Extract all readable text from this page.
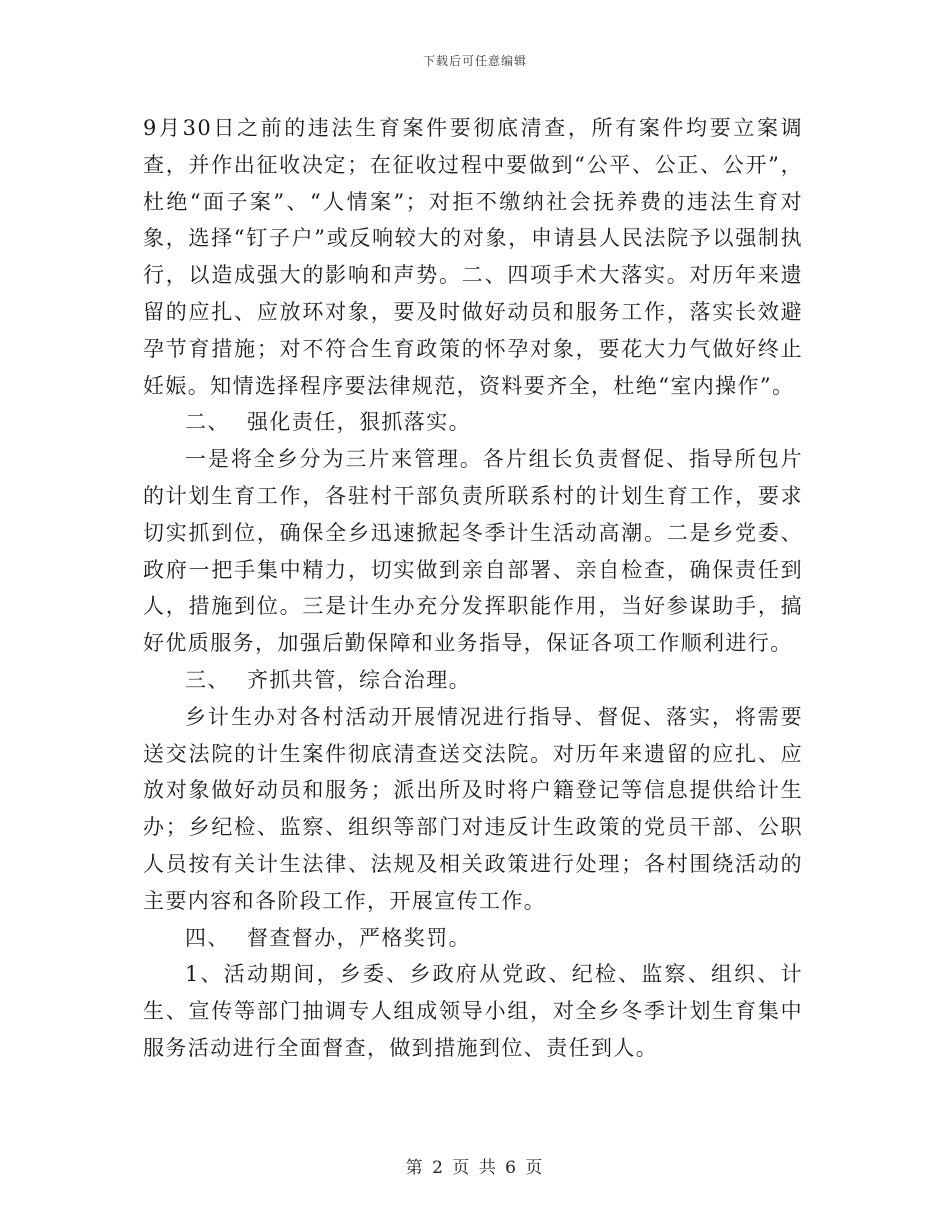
下载后可任意编辑

9月30日之前的违法生育案件要彻底清查，所有案件均要立案调查，并作出征收决定；在征收过程中要做到“公平、公正、公开”，杜绝“面子案”、“人情案”；对拒不缴纳社会抚养费的违法生育对象，选择“钉子户”或反响较大的对象，申请县人民法院予以强制执行，以造成强大的影响和声势。二、四项手术大落实。对历年来遗留的应扎、应放环对象，要及时做好动员和服务工作，落实长效避孕节育措施；对不符合生育政策的怀孕对象，要花大力气做好终止妊娠。知情选择程序要法律规范，资料要齐全，杜绝“室内操作”。

二、 强化责任，狠抓落实。

一是将全乡分为三片来管理。各片组长负责督促、指导所包片的计划生育工作，各驻村干部负责所联系村的计划生育工作，要求切实抓到位，确保全乡迅速掀起冬季计生活动高潮。二是乡党委、政府一把手集中精力，切实做到亲自部署、亲自检查，确保责任到人，措施到位。三是计生办充分发挥职能作用，当好参谋助手，搞好优质服务，加强后勤保障和业务指导，保证各项工作顺利进行。

三、 齐抓共管，综合治理。

乡计生办对各村活动开展情况进行指导、督促、落实，将需要送交法院的计生案件彻底清查送交法院。对历年来遗留的应扎、应放对象做好动员和服务；派出所及时将户籍登记等信息提供给计生办；乡纪检、监察、组织等部门对违反计生政策的党员干部、公职人员按有关计生法律、法规及相关政策进行处理；各村围绕活动的主要内容和各阶段工作，开展宣传工作。

四、 督查督办，严格奖罚。

1、活动期间，乡委、乡政府从党政、纪检、监察、组织、计生、宣传等部门抽调专人组成领导小组，对全乡冬季计划生育集中服务活动进行全面督查，做到措施到位、责任到人。

第 2 页 共 6 页
